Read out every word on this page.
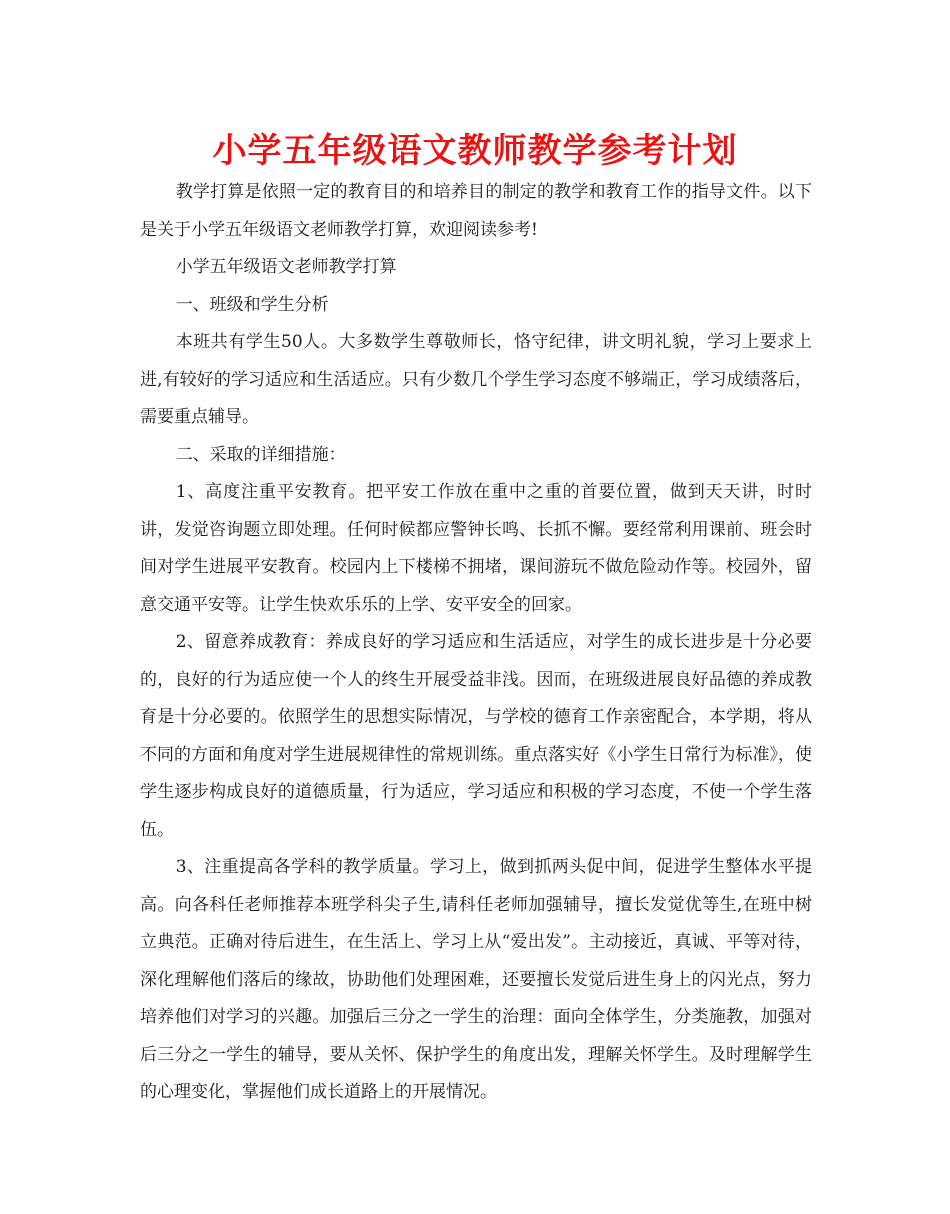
小学五年级语文教师教学参考计划

教学打算是依照一定的教育目的和培养目的制定的教学和教育工作的指导文件。以下是关于小学五年级语文老师教学打算，欢迎阅读参考!

小学五年级语文老师教学打算

一、班级和学生分析

本班共有学生50人。大多数学生尊敬师长，恪守纪律，讲文明礼貌，学习上要求上进,有较好的学习适应和生活适应。只有少数几个学生学习态度不够端正，学习成绩落后，需要重点辅导。

二、采取的详细措施：

1、高度注重平安教育。把平安工作放在重中之重的首要位置，做到天天讲，时时讲，发觉咨询题立即处理。任何时候都应警钟长鸣、长抓不懈。要经常利用课前、班会时间对学生进展平安教育。校园内上下楼梯不拥堵，课间游玩不做危险动作等。校园外，留意交通平安等。让学生快欢乐乐的上学、安平安全的回家。

2、留意养成教育：养成良好的学习适应和生活适应，对学生的成长进步是十分必要的，良好的行为适应使一个人的终生开展受益非浅。因而，在班级进展良好品德的养成教育是十分必要的。依照学生的思想实际情况，与学校的德育工作亲密配合，本学期，将从不同的方面和角度对学生进展规律性的常规训练。重点落实好《小学生日常行为标准》，使学生逐步构成良好的道德质量，行为适应，学习适应和积极的学习态度，不使一个学生落伍。

3、注重提高各学科的教学质量。学习上，做到抓两头促中间，促进学生整体水平提高。向各科任老师推荐本班学科尖子生,请科任老师加强辅导，擅长发觉优等生,在班中树立典范。正确对待后进生，在生活上、学习上从“爱出发”。主动接近，真诚、平等对待，深化理解他们落后的缘故，协助他们处理困难，还要擅长发觉后进生身上的闪光点，努力培养他们对学习的兴趣。加强后三分之一学生的治理：面向全体学生，分类施教，加强对后三分之一学生的辅导，要从关怀、保护学生的角度出发，理解关怀学生。及时理解学生的心理变化，掌握他们成长道路上的开展情况。
